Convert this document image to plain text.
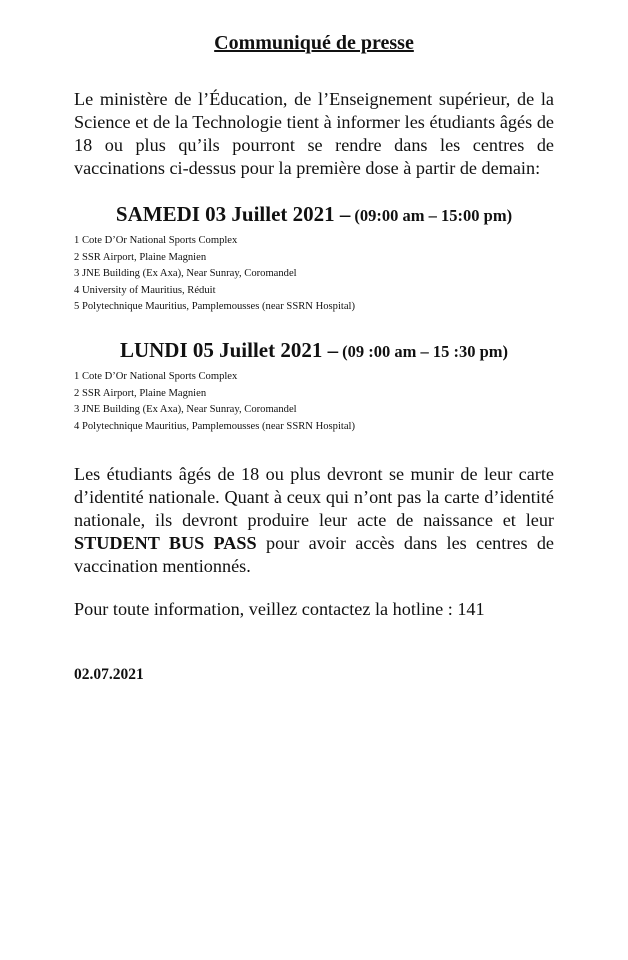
Communiqué de presse

Le ministère de l’Éducation, de l’Enseignement supérieur, de la Science et de la Technologie tient à informer les étudiants âgés de 18 ou plus qu’ils pourront se rendre dans les centres de vaccinations ci-dessus pour la première dose à partir de demain:

SAMEDI 03 Juillet 2021 – (09:00 am – 15:00 pm)
1 Cote D’Or National Sports Complex
2 SSR Airport, Plaine Magnien
3 JNE Building (Ex Axa), Near Sunray, Coromandel
4 University of Mauritius, Réduit
5 Polytechnique Mauritius, Pamplemousses (near SSRN Hospital)
LUNDI 05 Juillet 2021 – (09 :00 am – 15 :30 pm)
1 Cote D’Or National Sports Complex
2 SSR Airport, Plaine Magnien
3 JNE Building (Ex Axa), Near Sunray, Coromandel
4 Polytechnique Mauritius, Pamplemousses (near SSRN Hospital)

Les étudiants âgés de 18 ou plus devront se munir de leur carte d’identité nationale. Quant à ceux qui n’ont pas la carte d’identité nationale, ils devront produire leur acte de naissance et leur STUDENT BUS PASS pour avoir accès dans les centres de vaccination mentionnés.

Pour toute information, veillez contactez la hotline : 141

02.07.2021
